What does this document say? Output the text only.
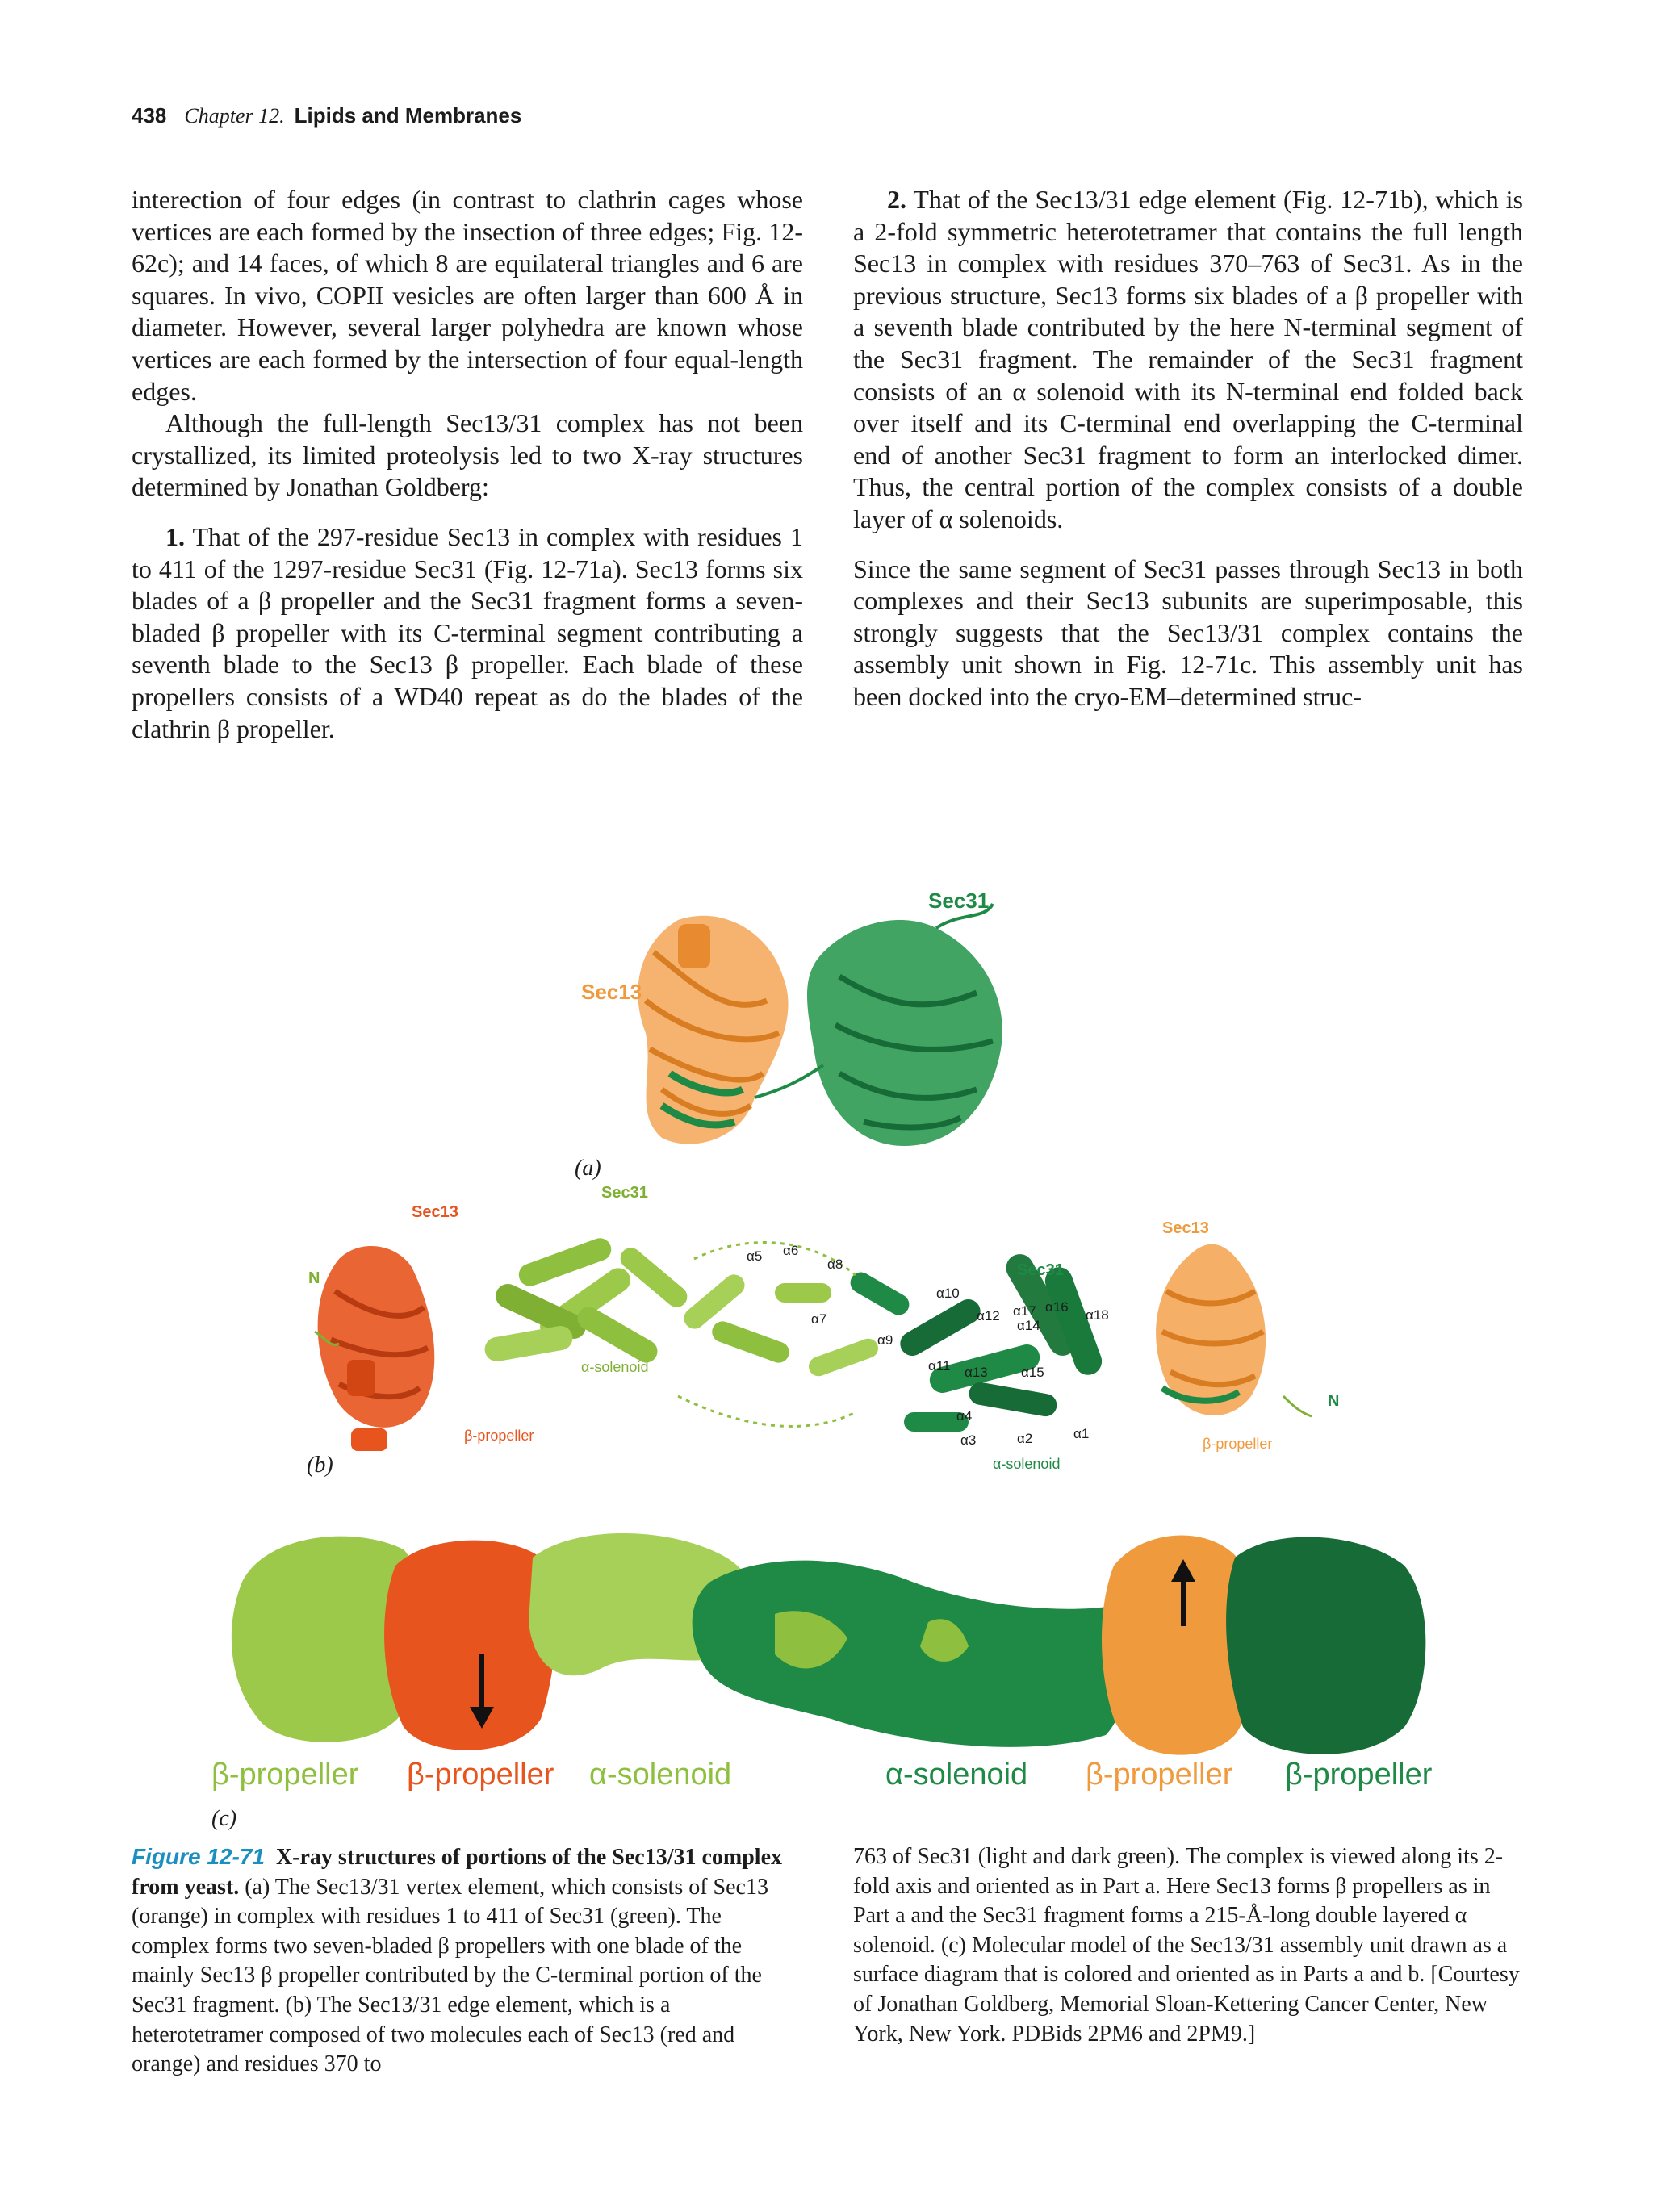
438 Chapter 12. Lipids and Membranes

interection of four edges (in contrast to clathrin cages whose vertices are each formed by the insection of three edges; Fig. 12-62c); and 14 faces, of which 8 are equilateral triangles and 6 are squares. In vivo, COPII vesicles are often larger than 600 Å in diameter. However, several larger polyhedra are known whose vertices are each formed by the intersection of four equal-length edges.

Although the full-length Sec13/31 complex has not been crystallized, its limited proteolysis led to two X-ray structures determined by Jonathan Goldberg:

1. That of the 297-residue Sec13 in complex with residues 1 to 411 of the 1297-residue Sec31 (Fig. 12-71a). Sec13 forms six blades of a β propeller and the Sec31 fragment forms a seven-bladed β propeller with its C-terminal segment contributing a seventh blade to the Sec13 β propeller. Each blade of these propellers consists of a WD40 repeat as do the blades of the clathrin β propeller.

2. That of the Sec13/31 edge element (Fig. 12-71b), which is a 2-fold symmetric heterotetramer that contains the full length Sec13 in complex with residues 370–763 of Sec31. As in the previous structure, Sec13 forms six blades of a β propeller with a seventh blade contributed by the here N-terminal segment of the Sec31 fragment. The remainder of the Sec31 fragment consists of an α solenoid with its N-terminal end folded back over itself and its C-terminal end overlapping the C-terminal end of another Sec31 fragment to form an interlocked dimer. Thus, the central portion of the complex consists of a double layer of α solenoids.

Since the same segment of Sec31 passes through Sec13 in both complexes and their Sec13 subunits are superimposable, this strongly suggests that the Sec13/31 complex contains the assembly unit shown in Fig. 12-71c. This assembly unit has been docked into the cryo-EM–determined struc-

Sec13
Sec31
(a)
Sec13
Sec31
Sec31
Sec13
N
N
α-solenoid
α-solenoid
β-propeller	β-propeller
α5 α6
α8
α7
α9
α10
α12 α17 α16
α14
α18
α11 α13 α15
α4
α3	α2	α1
(b)
β-propeller β-propeller α-solenoid	α-solenoid β-propeller β-propeller
(c)
Figure 12-71 X-ray structures of portions of the Sec13/31 complex from yeast. (a) The Sec13/31 vertex element, which consists of Sec13 (orange) in complex with residues 1 to 411 of Sec31 (green). The complex forms two seven-bladed β propellers with one blade of the mainly Sec13 β propeller contributed by the C-terminal portion of the Sec31 fragment. (b) The Sec13/31 edge element, which is a heterotetramer composed of two molecules each of Sec13 (red and orange) and residues 370 to
763 of Sec31 (light and dark green). The complex is viewed along its 2-fold axis and oriented as in Part a. Here Sec13 forms β propellers as in Part a and the Sec31 fragment forms a 215-Å-long double layered α solenoid. (c) Molecular model of the Sec13/31 assembly unit drawn as a surface diagram that is colored and oriented as in Parts a and b. [Courtesy of Jonathan Goldberg, Memorial Sloan-Kettering Cancer Center, New York, New York. PDBids 2PM6 and 2PM9.]
